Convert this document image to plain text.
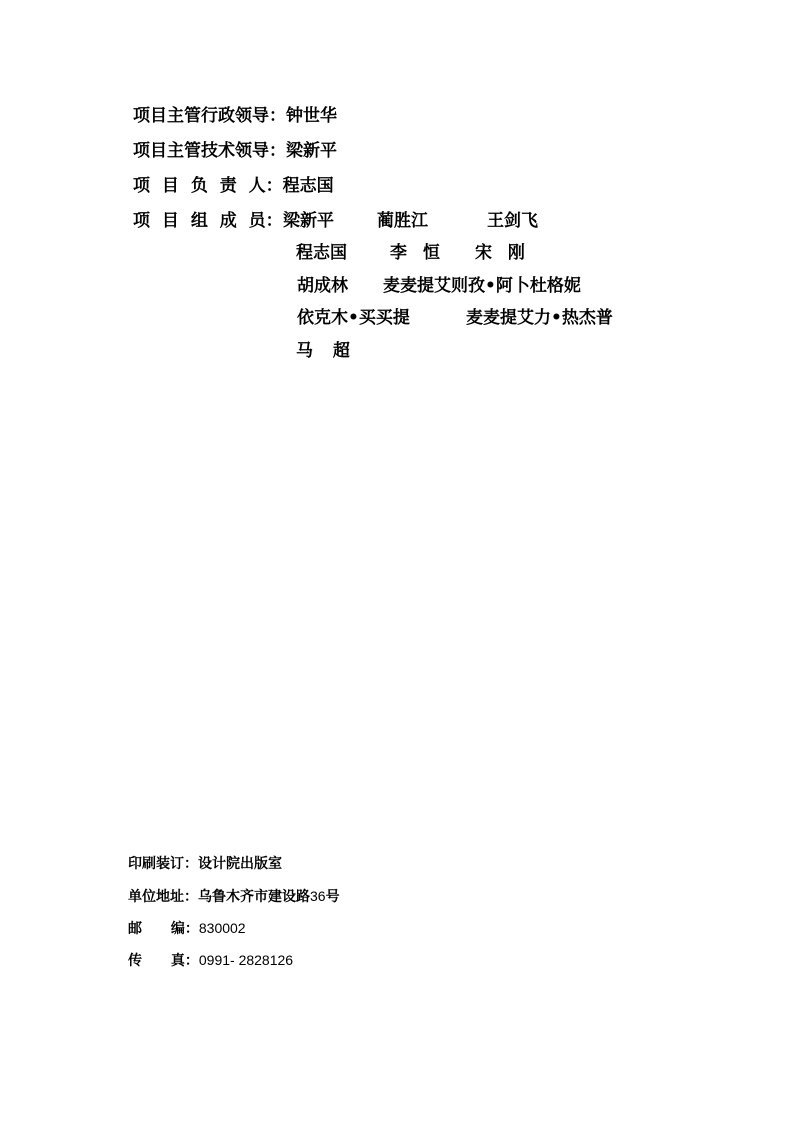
项目主管行政领导：钟世华
项目主管技术领导：梁新平
项 目 负 责 人：程志国
项 目 组 成 员： 梁新平	蔺胜江	王剑飞
程志国	李 恒 宋 刚
胡成林 麦麦提艾则孜•阿卜杜格妮
依克木•买买提	麦麦提艾力•热杰普
马 超
印刷装订：设计院出版室
单位地址：乌鲁木齐市建设路36号
邮 编：830002
传 真：0991- 2828126
